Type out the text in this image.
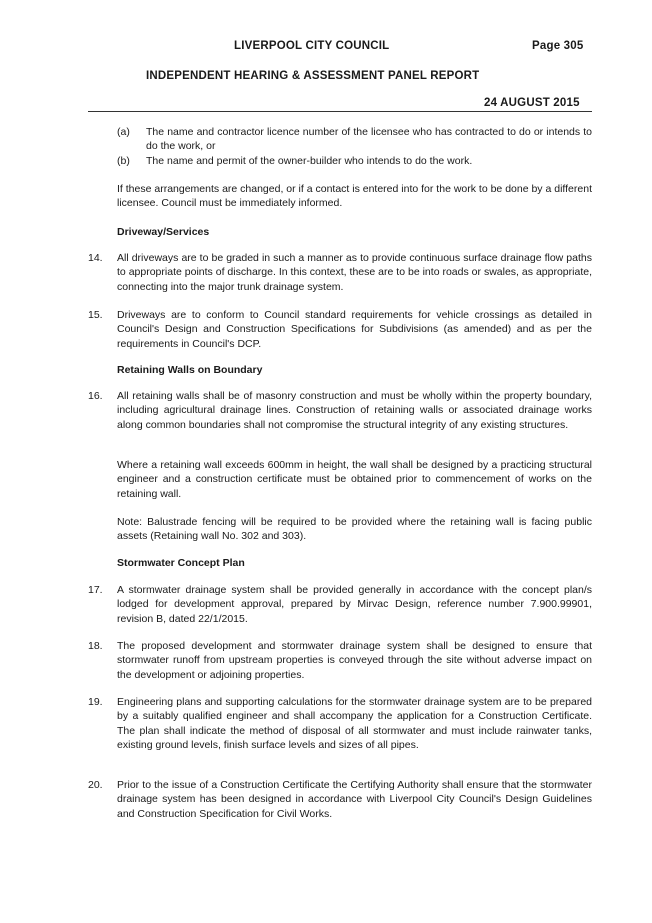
LIVERPOOL CITY COUNCIL	Page 305
INDEPENDENT HEARING & ASSESSMENT PANEL REPORT
24 AUGUST 2015
(a) The name and contractor licence number of the licensee who has contracted to do or intends to do the work, or
(b) The name and permit of the owner-builder who intends to do the work.
If these arrangements are changed, or if a contact is entered into for the work to be done by a different licensee. Council must be immediately informed.
Driveway/Services
14. All driveways are to be graded in such a manner as to provide continuous surface drainage flow paths to appropriate points of discharge. In this context, these are to be into roads or swales, as appropriate, connecting into the major trunk drainage system.
15. Driveways are to conform to Council standard requirements for vehicle crossings as detailed in Council's Design and Construction Specifications for Subdivisions (as amended) and as per the requirements in Council's DCP.
Retaining Walls on Boundary
16. All retaining walls shall be of masonry construction and must be wholly within the property boundary, including agricultural drainage lines. Construction of retaining walls or associated drainage works along common boundaries shall not compromise the structural integrity of any existing structures.
Where a retaining wall exceeds 600mm in height, the wall shall be designed by a practicing structural engineer and a construction certificate must be obtained prior to commencement of works on the retaining wall.
Note: Balustrade fencing will be required to be provided where the retaining wall is facing public assets (Retaining wall No. 302 and 303).
Stormwater Concept Plan
17. A stormwater drainage system shall be provided generally in accordance with the concept plan/s lodged for development approval, prepared by Mirvac Design, reference number 7.900.99901, revision B, dated 22/1/2015.
18. The proposed development and stormwater drainage system shall be designed to ensure that stormwater runoff from upstream properties is conveyed through the site without adverse impact on the development or adjoining properties.
19. Engineering plans and supporting calculations for the stormwater drainage system are to be prepared by a suitably qualified engineer and shall accompany the application for a Construction Certificate. The plan shall indicate the method of disposal of all stormwater and must include rainwater tanks, existing ground levels, finish surface levels and sizes of all pipes.
20. Prior to the issue of a Construction Certificate the Certifying Authority shall ensure that the stormwater drainage system has been designed in accordance with Liverpool City Council's Design Guidelines and Construction Specification for Civil Works.
